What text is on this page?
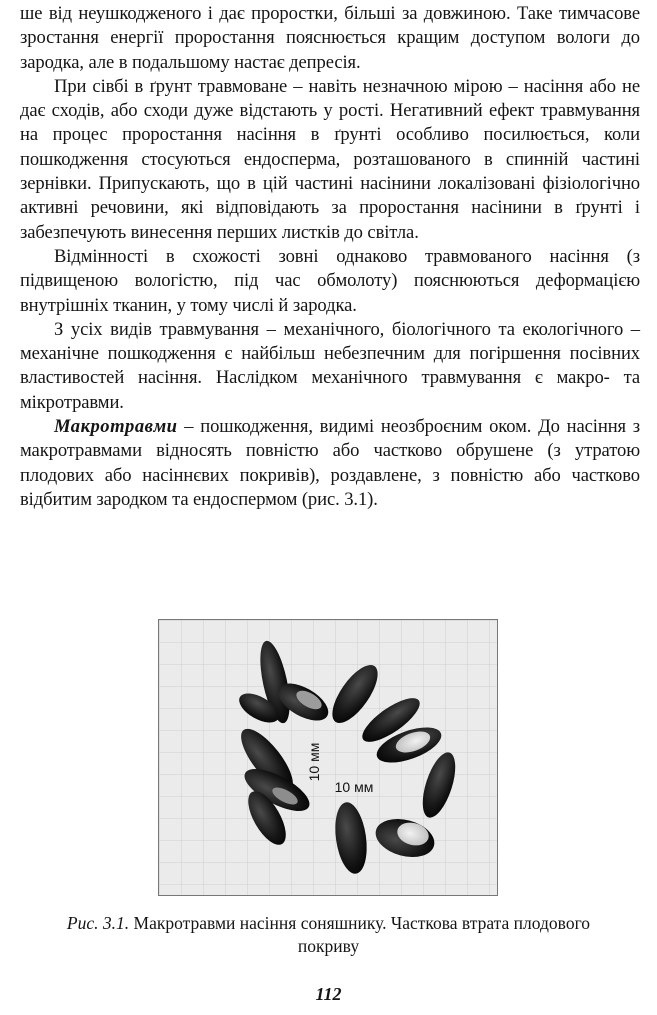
ше від неушкодженого і дає проростки, більші за довжиною. Таке тимчасове зростання енергії проростання пояснюється кращим доступом вологи до зародка, але в подальшому настає депресія.

При сівбі в ґрунт травмоване – навіть незначною мірою – насіння або не дає сходів, або сходи дуже відстають у рості. Негативний ефект травмування на процес проростання насіння в ґрунті особливо посилюється, коли пошкодження стосуються ендосперма, розташованого в спинній частині зернівки. Припускають, що в цій частині насінини локалізовані фізіологічно активні речовини, які відповідають за проростання насінини в ґрунті і забезпечують винесення перших листків до світла.

Відмінності в схожості зовні однаково травмованого насіння (з підвищеною вологістю, під час обмолоту) пояснюються деформацією внутрішніх тканин, у тому числі й зародка.

З усіх видів травмування – механічного, біологічного та екологічного – механічне пошкодження є найбільш небезпечним для погіршення посівних властивостей насіння. Наслідком механічного травмування є макро- та мікротравми.

Макротравми – пошкодження, видимі неозброєним оком. До насіння з макротравмами відносять повністю або частково обрушене (з утратою плодових або насіннєвих покривів), роздавлене, з повністю або частково відбитим зародком та ендоспермом (рис. 3.1).

10 мм
10 мм
Рис. 3.1. Макротравми насіння соняшнику. Часткова втрата плодового покриву
112
